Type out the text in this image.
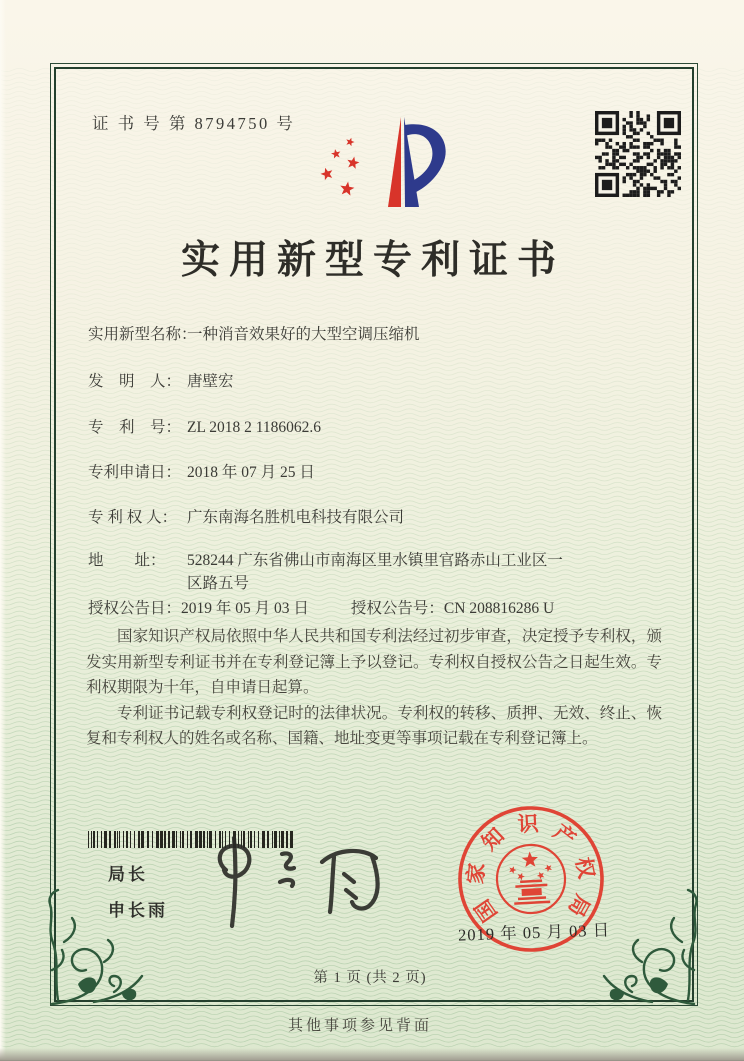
证 书 号 第 8794750 号
实用新型专利证书
实用新型名称：一种消音效果好的大型空调压缩机
发　明　人： 唐壁宏
专　利　号： ZL 2018 2 1186062.6
专利申请日： 2018 年 07 月 25 日
专 利 权 人： 广东南海名胜机电科技有限公司
地　　址： 528244 广东省佛山市南海区里水镇里官路赤山工业区一
区路五号
授权公告日：2019 年 05 月 03 日	授权公告号：CN 208816286 U

国家知识产权局依照中华人民共和国专利法经过初步审查，决定授予专利权，颁发实用新型专利证书并在专利登记簿上予以登记。专利权自授权公告之日起生效。专利权期限为十年，自申请日起算。

专利证书记载专利权登记时的法律状况。专利权的转移、质押、无效、终止、恢复和专利权人的姓名或名称、国籍、地址变更等事项记载在专利登记簿上。

局长
申长雨	国
家
知 识 产
权
局
2019 年 05 月 03 日
第 1 页 (共 2 页)
其他事项参见背面
